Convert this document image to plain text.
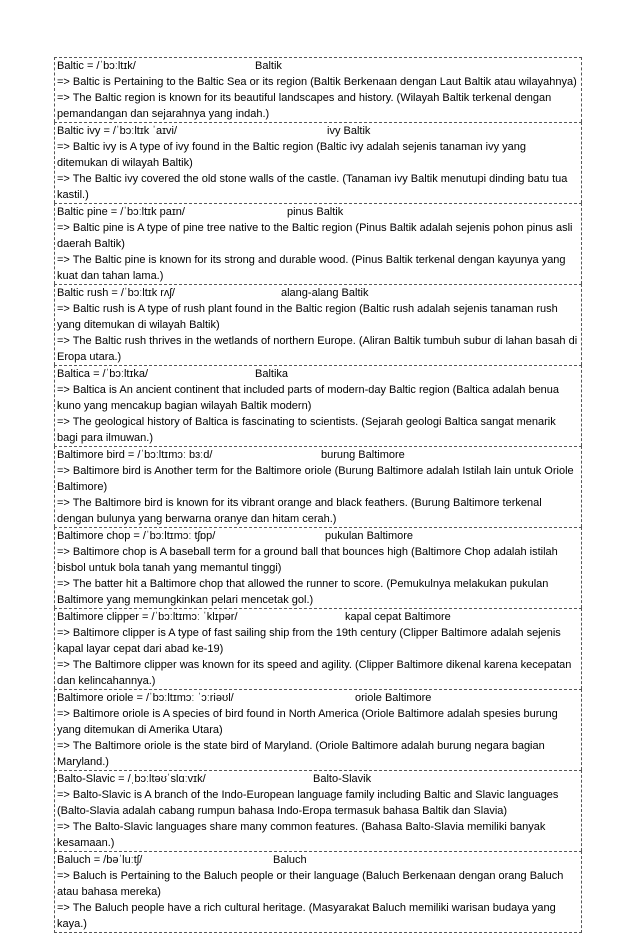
Baltic = /ˈbɔːltɪk/	Baltik
=> Baltic is Pertaining to the Baltic Sea or its region (Baltik Berkenaan dengan Laut Baltik atau wilayahnya)
=> The Baltic region is known for its beautiful landscapes and history. (Wilayah Baltik terkenal dengan pemandangan dan sejarahnya yang indah.)
Baltic ivy = /ˈbɔːltɪk ˈaɪvi/	ivy Baltik
=> Baltic ivy is A type of ivy found in the Baltic region (Baltic ivy adalah sejenis tanaman ivy yang ditemukan di wilayah Baltik)
=> The Baltic ivy covered the old stone walls of the castle. (Tanaman ivy Baltik menutupi dinding batu tua kastil.)
Baltic pine = /ˈbɔːltɪk paɪn/	pinus Baltik
=> Baltic pine is A type of pine tree native to the Baltic region (Pinus Baltik adalah sejenis pohon pinus asli daerah Baltik)
=> The Baltic pine is known for its strong and durable wood. (Pinus Baltik terkenal dengan kayunya yang kuat dan tahan lama.)
Baltic rush = /ˈbɔːltɪk rʌʃ/	alang-alang Baltik
=> Baltic rush is A type of rush plant found in the Baltic region (Baltic rush adalah sejenis tanaman rush yang ditemukan di wilayah Baltik)
=> The Baltic rush thrives in the wetlands of northern Europe. (Aliran Baltik tumbuh subur di lahan basah di Eropa utara.)
Baltica = /ˈbɔːltɪka/	Baltika
=> Baltica is An ancient continent that included parts of modern-day Baltic region (Baltica adalah benua kuno yang mencakup bagian wilayah Baltik modern)
=> The geological history of Baltica is fascinating to scientists. (Sejarah geologi Baltica sangat menarik bagi para ilmuwan.)
Baltimore bird = /ˈbɔːltɪmɔː bɜːd/	burung Baltimore
=> Baltimore bird is Another term for the Baltimore oriole (Burung Baltimore adalah Istilah lain untuk Oriole Baltimore)
=> The Baltimore bird is known for its vibrant orange and black feathers. (Burung Baltimore terkenal dengan bulunya yang berwarna oranye dan hitam cerah.)
Baltimore chop = /ˈbɔːltɪmɔː tʃɒp/	pukulan Baltimore
=> Baltimore chop is A baseball term for a ground ball that bounces high (Baltimore Chop adalah istilah bisbol untuk bola tanah yang memantul tinggi)
=> The batter hit a Baltimore chop that allowed the runner to score. (Pemukulnya melakukan pukulan Baltimore yang memungkinkan pelari mencetak gol.)
Baltimore clipper = /ˈbɔːltɪmɔː ˈklɪpər/	kapal cepat Baltimore
=> Baltimore clipper is A type of fast sailing ship from the 19th century (Clipper Baltimore adalah sejenis kapal layar cepat dari abad ke-19)
=> The Baltimore clipper was known for its speed and agility. (Clipper Baltimore dikenal karena kecepatan dan kelincahannya.)
Baltimore oriole = /ˈbɔːltɪmɔː ˈɔːriəʊl/	oriole Baltimore
=> Baltimore oriole is A species of bird found in North America (Oriole Baltimore adalah spesies burung yang ditemukan di Amerika Utara)
=> The Baltimore oriole is the state bird of Maryland. (Oriole Baltimore adalah burung negara bagian Maryland.)
Balto-Slavic = /ˌbɔːltəʊˈslɑːvɪk/	Balto-Slavik
=> Balto-Slavic is A branch of the Indo-European language family including Baltic and Slavic languages (Balto-Slavia adalah cabang rumpun bahasa Indo-Eropa termasuk bahasa Baltik dan Slavia)
=> The Balto-Slavic languages share many common features. (Bahasa Balto-Slavia memiliki banyak kesamaan.)
Baluch = /bəˈluːtʃ/	Baluch
=> Baluch is Pertaining to the Baluch people or their language (Baluch Berkenaan dengan orang Baluch atau bahasa mereka)
=> The Baluch people have a rich cultural heritage. (Masyarakat Baluch memiliki warisan budaya yang kaya.)
